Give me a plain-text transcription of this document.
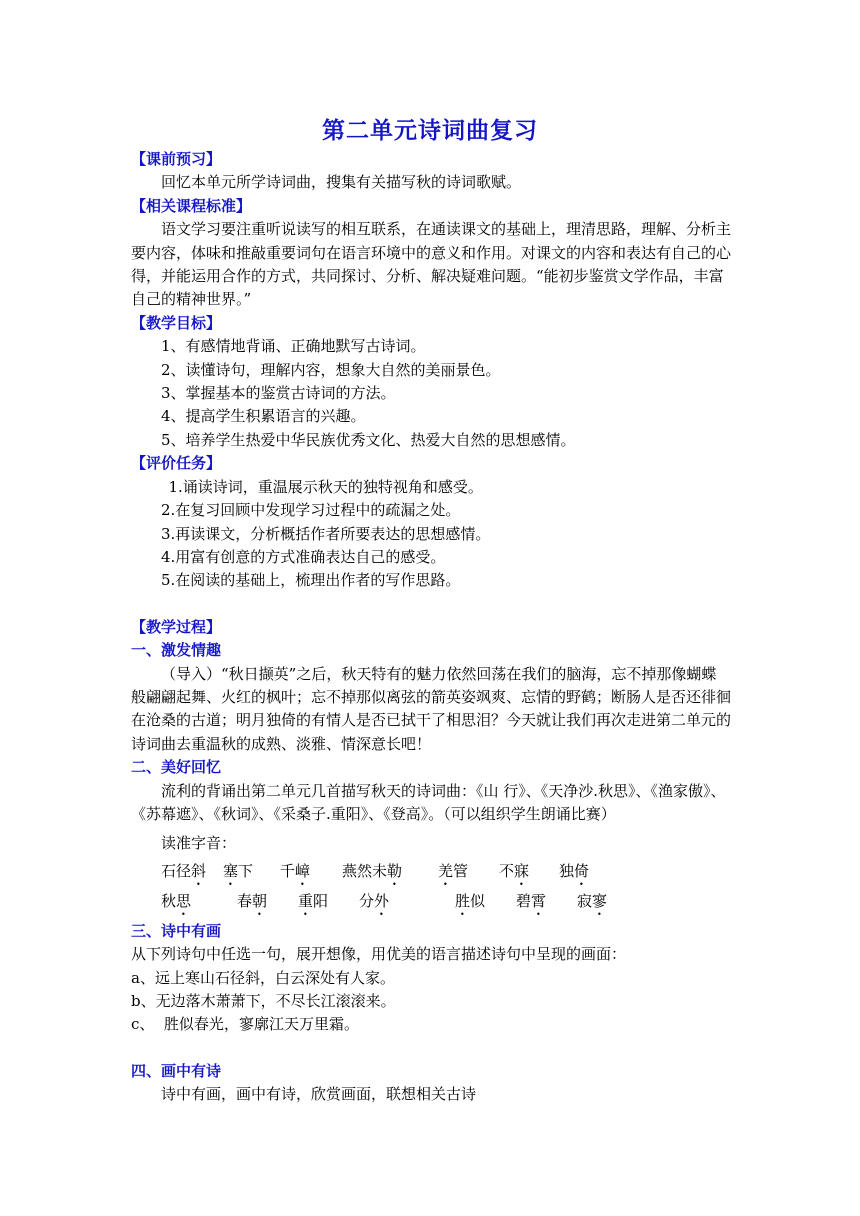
第二单元诗词曲复习

【课前预习】

回忆本单元所学诗词曲，搜集有关描写秋的诗词歌赋。

【相关课程标准】

语文学习要注重听说读写的相互联系，在通读课文的基础上，理清思路，理解、分析主要内容，体味和推敲重要词句在语言环境中的意义和作用。对课文的内容和表达有自己的心得，并能运用合作的方式，共同探讨、分析、解决疑难问题。“能初步鉴赏文学作品，丰富自己的精神世界。”

【教学目标】

1、有感情地背诵、正确地默写古诗词。

2、读懂诗句，理解内容，想象大自然的美丽景色。

3、掌握基本的鉴赏古诗词的方法。

4、提高学生积累语言的兴趣。

5、培养学生热爱中华民族优秀文化、热爱大自然的思想感情。

【评价任务】

1.诵读诗词，重温展示秋天的独特视角和感受。

2.在复习回顾中发现学习过程中的疏漏之处。

3.再读课文，分析概括作者所要表达的思想感情。

4.用富有创意的方式准确表达自己的感受。

5.在阅读的基础上，梳理出作者的写作思路。

【教学过程】

一、激发情趣

（导入）“秋日撷英”之后，秋天特有的魅力依然回荡在我们的脑海，忘不掉那像蝴蝶般翩翩起舞、火红的枫叶；忘不掉那似离弦的箭英姿飒爽、忘情的野鹤；断肠人是否还徘徊在沧桑的古道；明月独倚的有情人是否已拭干了相思泪？今天就让我们再次走进第二单元的诗词曲去重温秋的成熟、淡雅、情深意长吧！

二、美好回忆

流利的背诵出第二单元几首描写秋天的诗词曲：《山 行》、《天净沙.秋思》、《渔家傲》、《苏幕遮》、《秋词》、《采桑子.重阳》、《登高》。（可以组织学生朗诵比赛）

读准字音：

石径斜	塞下	千嶂	燕然未勒	羌管	不寐	独倚
秋思	春朝	重阳	分外	胜似	碧霄	寂寥

三、诗中有画

从下列诗句中任选一句，展开想像，用优美的语言描述诗句中呈现的画面：

a、远上寒山石径斜，白云深处有人家。

b、无边落木萧萧下，不尽长江滚滚来。

c、  胜似春光，寥廓江天万里霜。

四、画中有诗

诗中有画，画中有诗，欣赏画面，联想相关古诗
